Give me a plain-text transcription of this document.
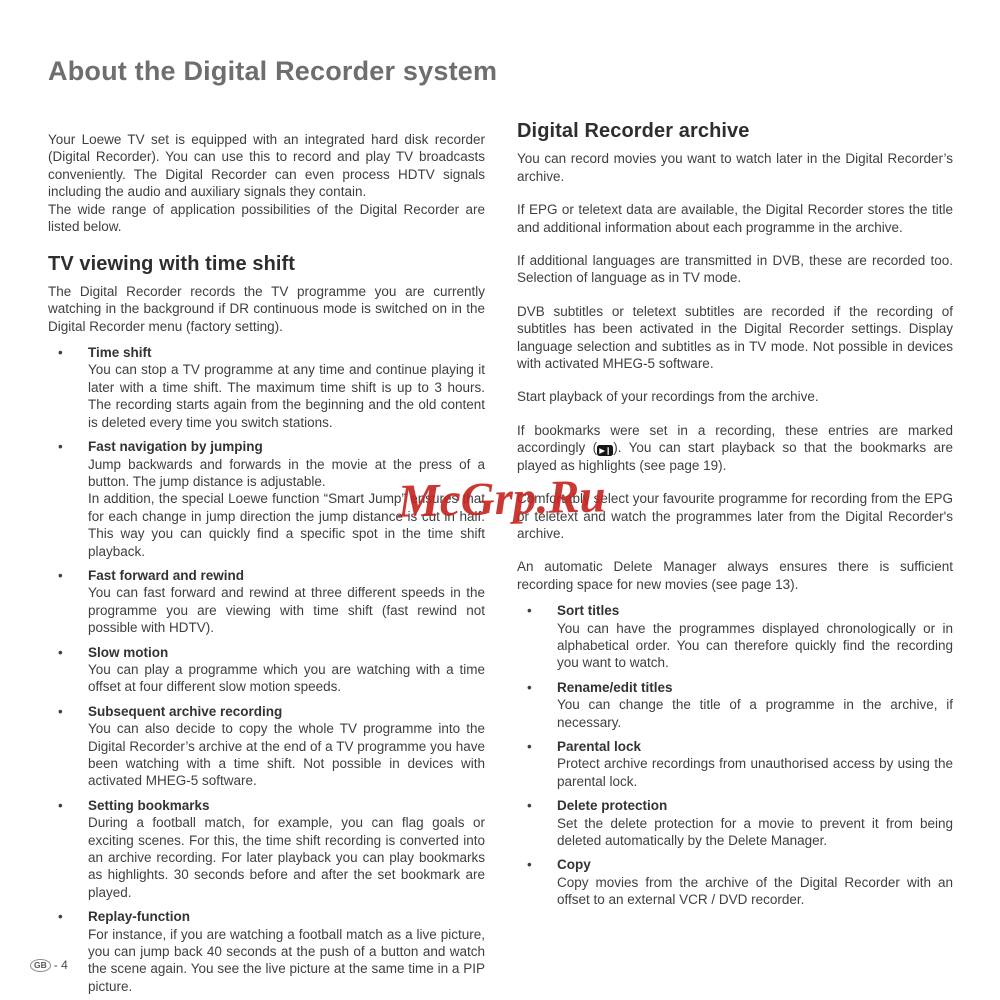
About the Digital Recorder system

Your Loewe TV set is equipped with an integrated hard disk recorder (Digital Recorder). You can use this to record and play TV broadcasts conveniently. The Digital Recorder can even process HDTV signals including the audio and auxiliary signals they contain.

The wide range of application possibilities of the Digital Recorder are listed below.

TV viewing with time shift

The Digital Recorder records the TV programme you are currently watching in the background if DR continuous mode is switched on in the Digital Recorder menu (factory setting).

• Time shift

You can stop a TV programme at any time and continue playing it later with a time shift. The maximum time shift is up to 3 hours. The recording starts again from the beginning and the old content is deleted every time you switch stations.

• Fast navigation by jumping

Jump backwards and forwards in the movie at the press of a button. The jump distance is adjustable.

In addition, the special Loewe function “Smart Jump” ensures that for each change in jump direction the jump distance is cut in half. This way you can quickly find a specific spot in the time shift playback.

• Fast forward and rewind

You can fast forward and rewind at three different speeds in the programme you are viewing with time shift (fast rewind not possible with HDTV).

• Slow motion

You can play a programme which you are watching with a time offset at four different slow motion speeds.

• Subsequent archive recording

You can also decide to copy the whole TV programme into the Digital Recorder’s archive at the end of a TV programme you have been watching with a time shift. Not possible in devices with activated MHEG-5 software.

• Setting bookmarks

During a football match, for example, you can flag goals or exciting scenes. For this, the time shift recording is converted into an archive recording. For later playback you can play bookmarks as highlights. 30 seconds before and after the set bookmark are played.

• Replay-function

For instance, if you are watching a football match as a live picture, you can jump back 40 seconds at the push of a button and watch the scene again. You see the live picture at the same time in a PIP picture.

Digital Recorder archive

You can record movies you want to watch later in the Digital Recorder’s archive.

If EPG or teletext data are available, the Digital Recorder stores the title and additional information about each programme in the archive.

If additional languages are transmitted in DVB, these are recorded too. Selection of language as in TV mode.

DVB subtitles or teletext subtitles are recorded if the recording of subtitles has been activated in the Digital Recorder settings. Display language selection and subtitles as in TV mode. Not possible in devices with activated MHEG-5 software.

Start playback of your recordings from the archive.

If bookmarks were set in a recording, these entries are marked accordingly ( ▶❙ ). You can start playback so that the bookmarks are played as highlights (see page 19).

Comfortably select your favourite programme for recording from the EPG or teletext and watch the programmes later from the Digital Recorder's archive.

An automatic Delete Manager always ensures there is sufficient recording space for new movies (see page 13).

• Sort titles

You can have the programmes displayed chronologically or in alphabetical order. You can therefore quickly find the recording you want to watch.

• Rename/edit titles

You can change the title of a programme in the archive, if necessary.

• Parental lock

Protect archive recordings from unauthorised access by using the parental lock.

• Delete protection

Set the delete protection for a movie to prevent it from being deleted automatically by the Delete Manager.

• Copy

Copy movies from the archive of the Digital Recorder with an offset to an external VCR / DVD recorder.

McGrp.Ru
GB - 4
